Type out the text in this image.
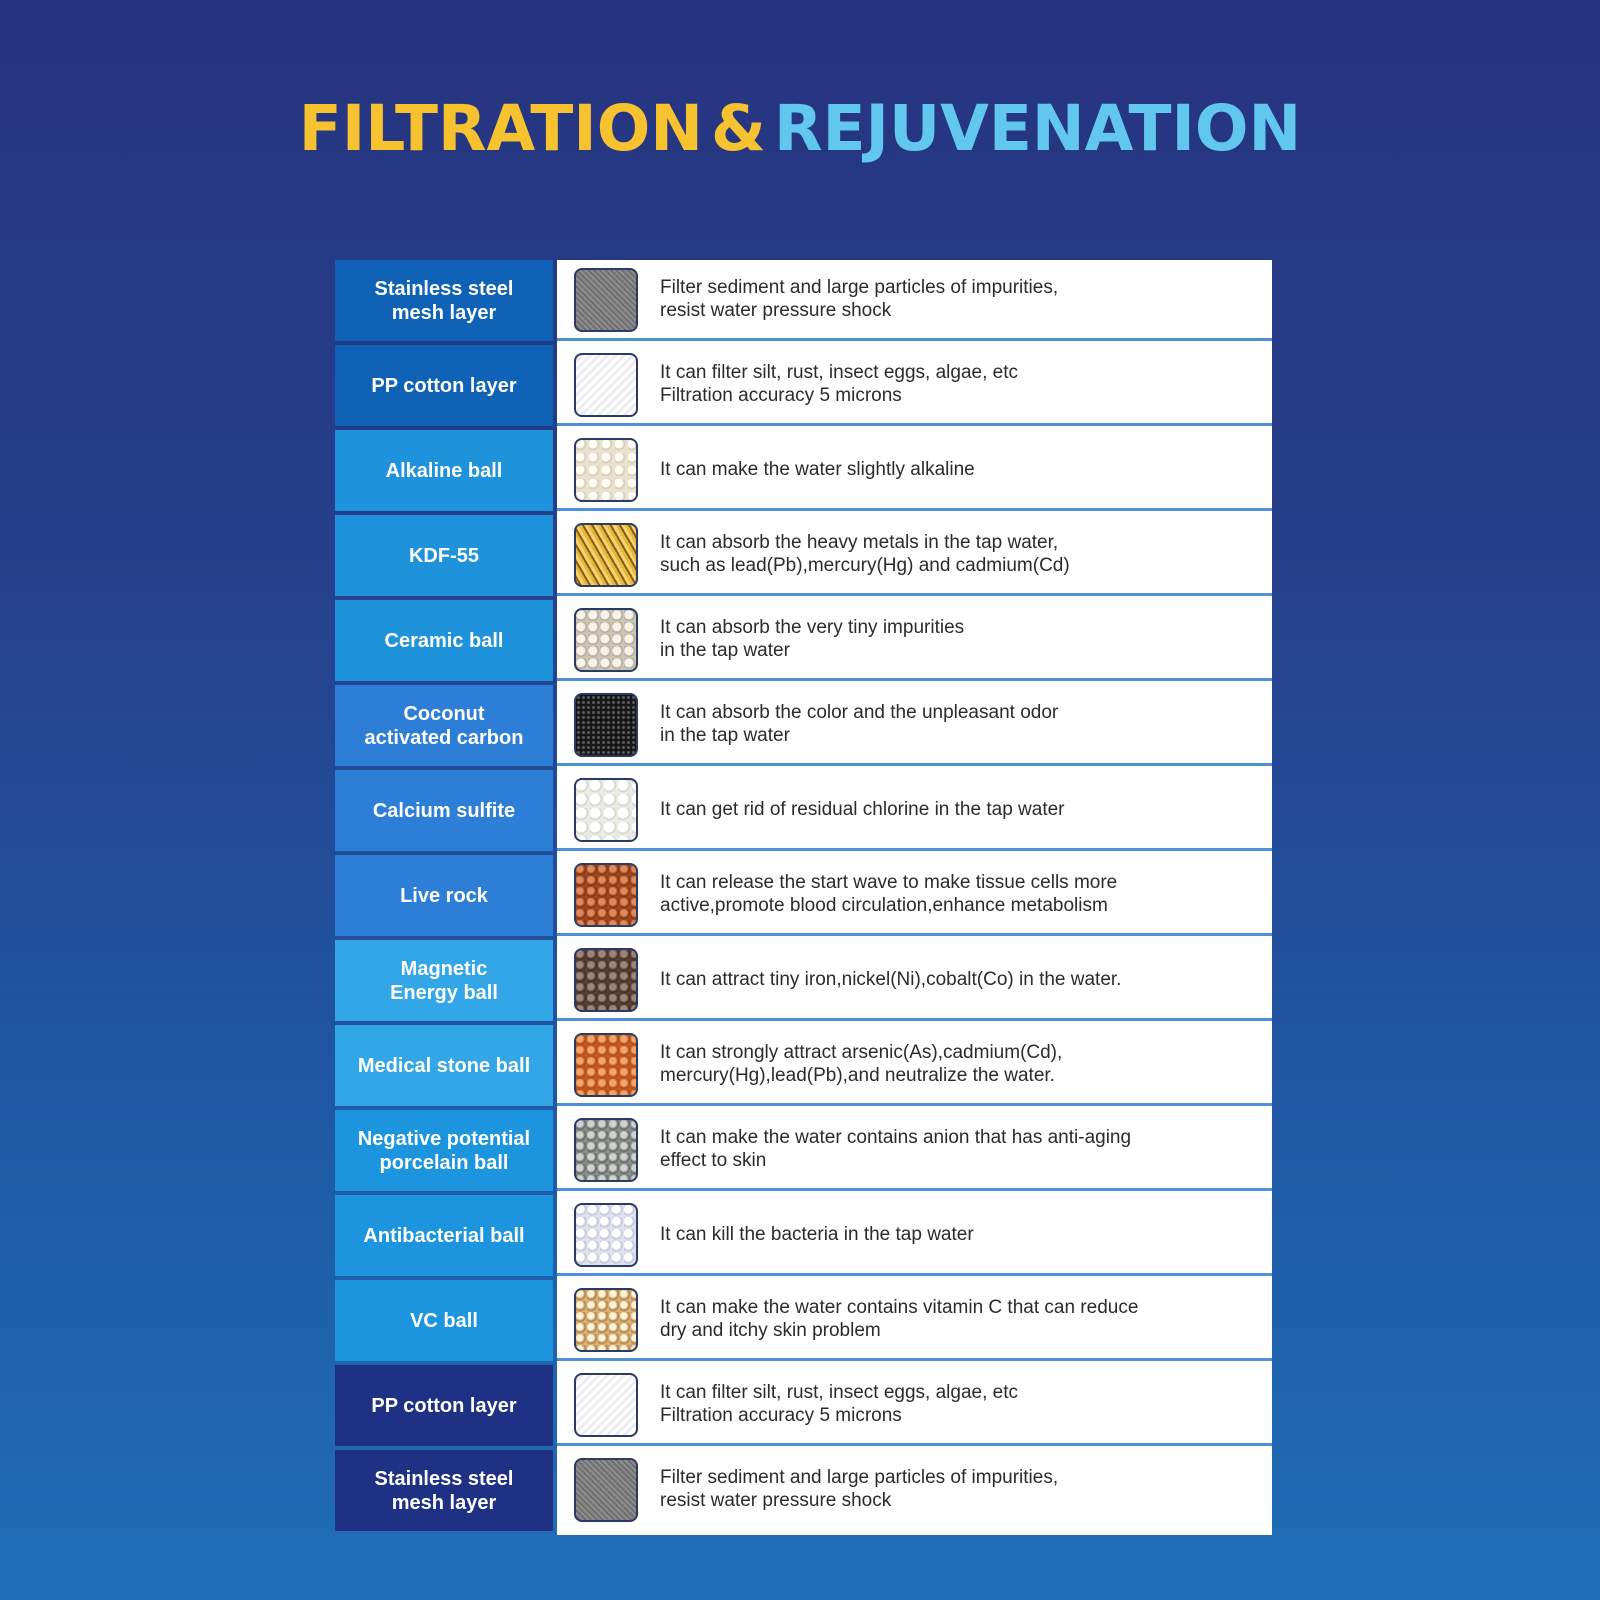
FILTRATION & REJUVENATION
Stainless steel
mesh layer
PP cotton layer
Alkaline ball
KDF-55
Ceramic ball
Coconut
activated carbon
Calcium sulfite
Live rock
Magnetic
Energy ball
Medical stone ball
Negative potential
porcelain ball
Antibacterial ball
VC ball
PP cotton layer
Stainless steel
mesh layer
Filter sediment and large particles of impurities,
resist water pressure shock
It can filter silt, rust, insect eggs, algae, etc
Filtration accuracy 5 microns
It can make the water slightly alkaline
It can absorb the heavy metals in the tap water,
such as lead(Pb),mercury(Hg) and cadmium(Cd)
It can absorb the very tiny impurities
in the tap water
It can absorb the color and the unpleasant odor
in the tap water
It can get rid of residual chlorine in the tap water
It can release the start wave to make tissue cells more
active,promote blood circulation,enhance metabolism
It can attract tiny iron,nickel(Ni),cobalt(Co) in the water.
It can strongly attract arsenic(As),cadmium(Cd),
mercury(Hg),lead(Pb),and neutralize the water.
It can make the water contains anion that has anti-aging
effect to skin
It can kill the bacteria in the tap water
It can make the water contains vitamin C that can reduce
dry and itchy skin problem
It can filter silt, rust, insect eggs, algae, etc
Filtration accuracy 5 microns
Filter sediment and large particles of impurities,
resist water pressure shock
